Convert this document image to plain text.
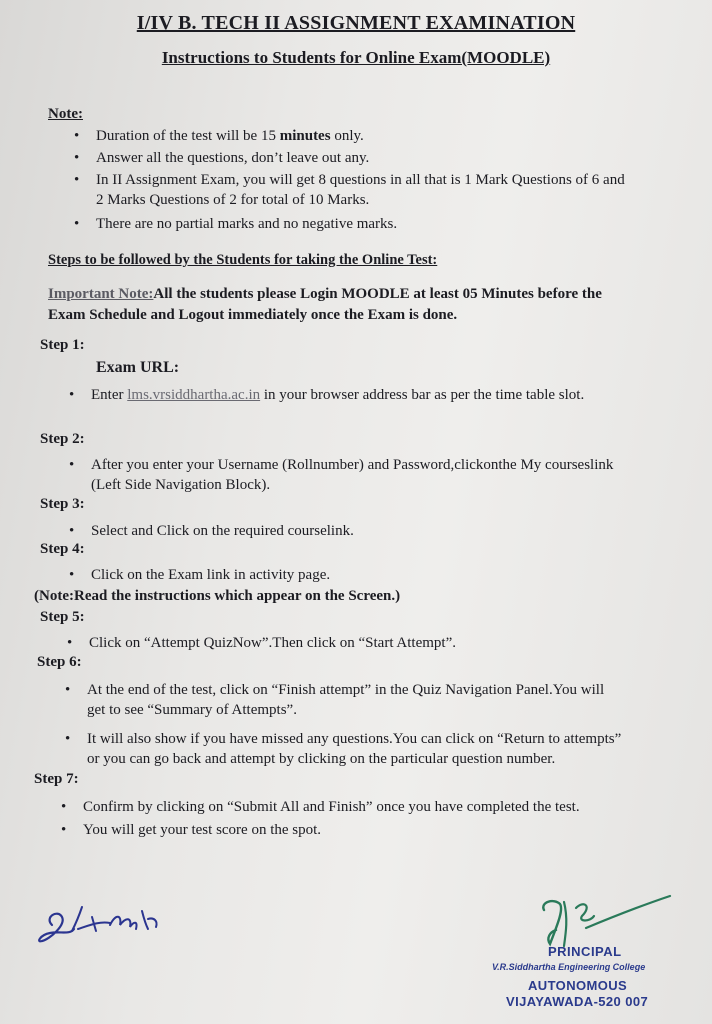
I/IV B. TECH II ASSIGNMENT EXAMINATION
Instructions to Students for Online Exam(MOODLE)
Note:
• Duration of the test will be 15 minutes only.

• Answer all the questions, don’t leave out any.

• In II Assignment Exam, you will get 8 questions in all that is 1 Mark Questions of 6 and

2 Marks Questions of 2 for total of 10 Marks.

• There are no partial marks and no negative marks.

Steps to be followed by the Students for taking the Online Test:
Important Note:All the students please Login MOODLE at least 05 Minutes before the
Exam Schedule and Logout immediately once the Exam is done.
Step 1:
Exam URL:
• Enter lms.vrsiddhartha.ac.in in your browser address bar as per the time table slot.

Step 2:
• After you enter your Username (Rollnumber) and Password,clickonthe My courseslink

(Left Side Navigation Block).

Step 3:
• Select and Click on the required courselink.

Step 4:
• Click on the Exam link in activity page.

(Note:Read the instructions which appear on the Screen.)
Step 5:
• Click on “Attempt QuizNow”.Then click on “Start Attempt”.

Step 6:
• At the end of the test, click on “Finish attempt” in the Quiz Navigation Panel.You will

get to see “Summary of Attempts”.

• It will also show if you have missed any questions.You can click on “Return to attempts”

or you can go back and attempt by clicking on the particular question number.

Step 7:
• Confirm by clicking on “Submit All and Finish” once you have completed the test.

• You will get your test score on the spot.

PRINCIPAL
V.R.Siddhartha Engineering College
AUTONOMOUS
VIJAYAWADA-520 007
